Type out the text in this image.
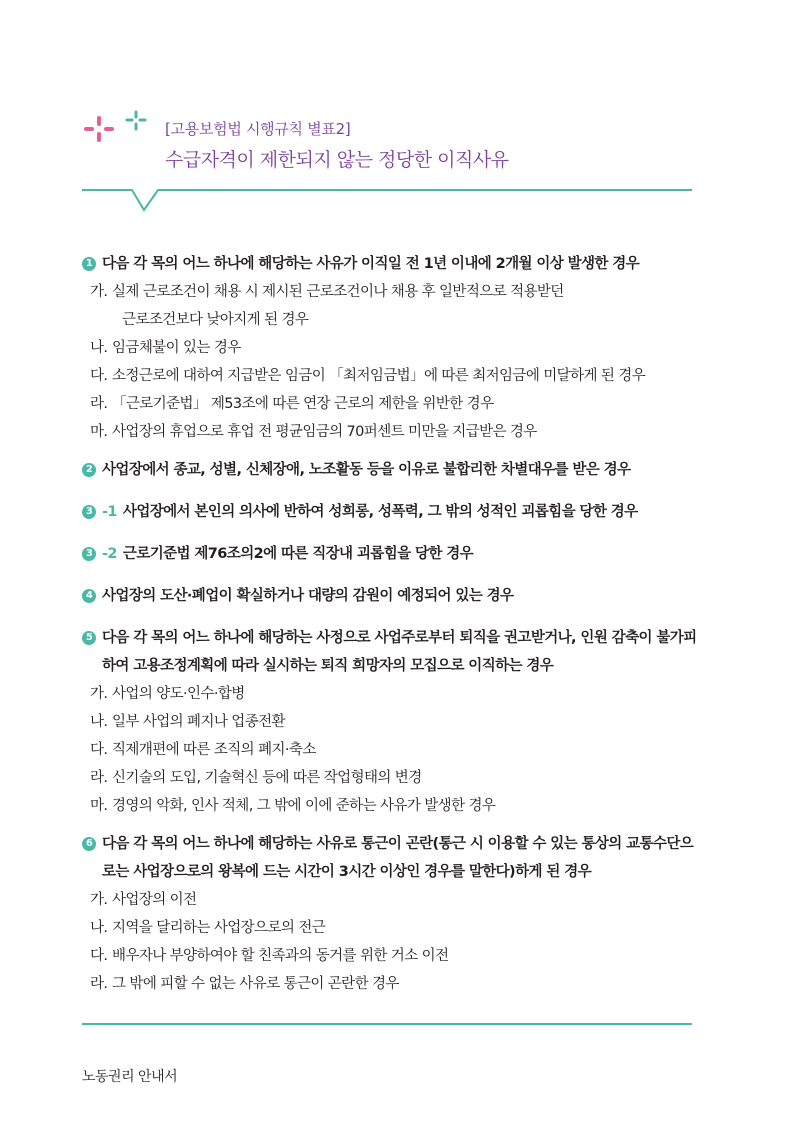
[고용보험법 시행규칙 별표2]
수급자격이 제한되지 않는 정당한 이직사유
1 다음 각 목의 어느 하나에 해당하는 사유가 이직일 전 1년 이내에 2개월 이상 발생한 경우
가. 실제 근로조건이 채용 시 제시된 근로조건이나 채용 후 일반적으로 적용받던
근로조건보다 낮아지게 된 경우
나. 임금체불이 있는 경우
다. 소정근로에 대하여 지급받은 임금이 「최저임금법」에 따른 최저임금에 미달하게 된 경우
라. 「근로기준법」 제53조에 따른 연장 근로의 제한을 위반한 경우
마. 사업장의 휴업으로 휴업 전 평균임금의 70퍼센트 미만을 지급받은 경우
2 사업장에서 종교, 성별, 신체장애, 노조활동 등을 이유로 불합리한 차별대우를 받은 경우
3 -1 사업장에서 본인의 의사에 반하여 성희롱, 성폭력, 그 밖의 성적인 괴롭힘을 당한 경우
3 -2 근로기준법 제76조의2에 따른 직장내 괴롭힘을 당한 경우
4 사업장의 도산·폐업이 확실하거나 대량의 감원이 예정되어 있는 경우
5 다음 각 목의 어느 하나에 해당하는 사정으로 사업주로부터 퇴직을 권고받거나, 인원 감축이 불가피하여 고용조정계획에 따라 실시하는 퇴직 희망자의 모집으로 이직하는 경우
가. 사업의 양도·인수·합병
나. 일부 사업의 폐지나 업종전환
다. 직제개편에 따른 조직의 폐지·축소
라. 신기술의 도입, 기술혁신 등에 따른 작업형태의 변경
마. 경영의 악화, 인사 적체, 그 밖에 이에 준하는 사유가 발생한 경우
6 다음 각 목의 어느 하나에 해당하는 사유로 통근이 곤란(통근 시 이용할 수 있는 통상의 교통수단으로는 사업장으로의 왕복에 드는 시간이 3시간 이상인 경우를 말한다)하게 된 경우
가. 사업장의 이전
나. 지역을 달리하는 사업장으로의 전근
다. 배우자나 부양하여야 할 친족과의 동거를 위한 거소 이전
라. 그 밖에 피할 수 없는 사유로 통근이 곤란한 경우
노동권리 안내서
